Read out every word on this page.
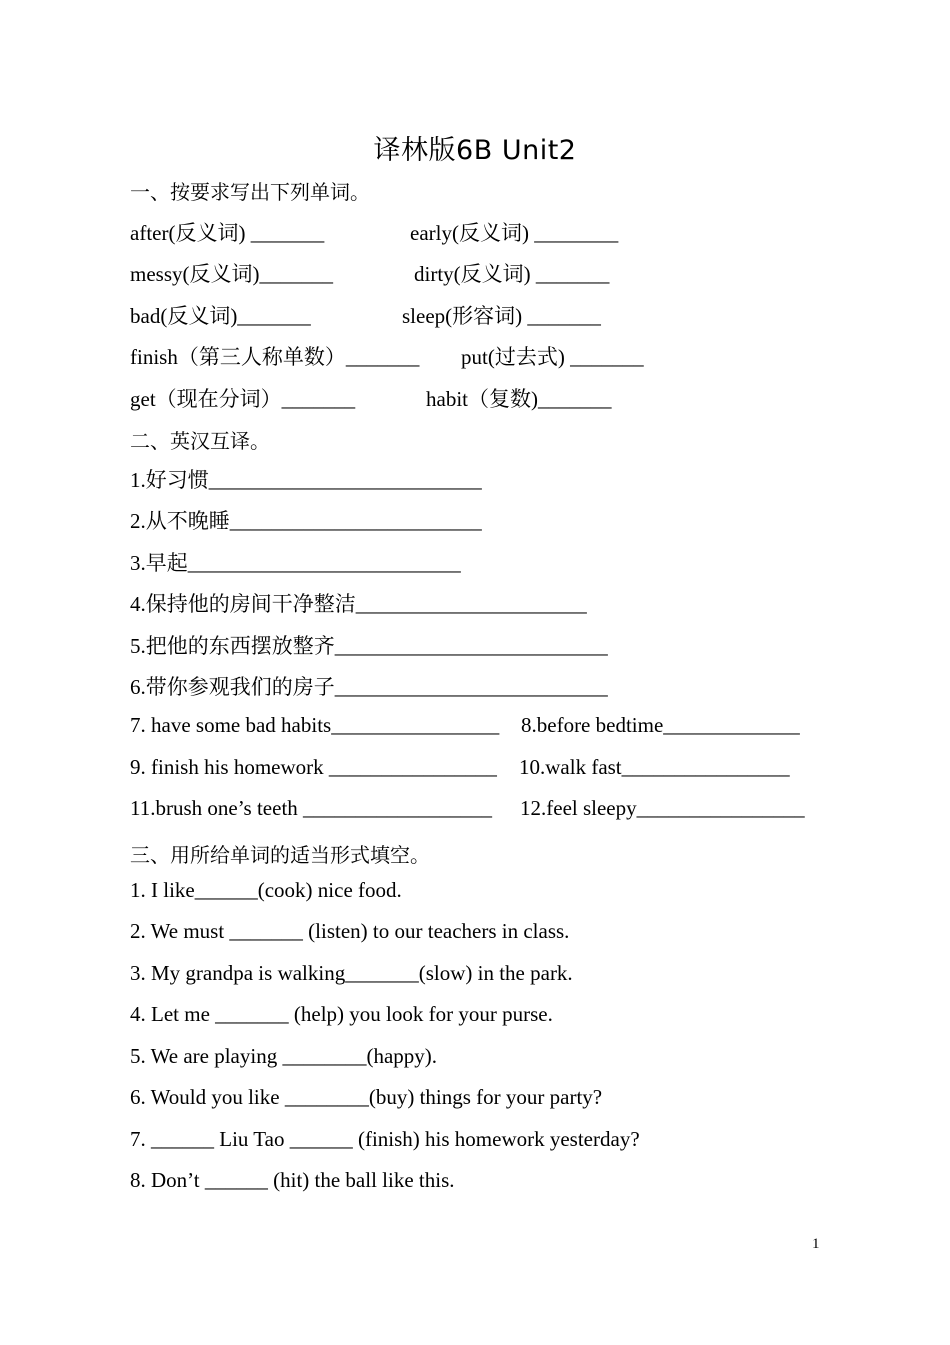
译林版6B Unit2
一、按要求写出下列单词。
after(反义词) _______	early(反义词) ________
messy(反义词)_______	dirty(反义词) _______
bad(反义词)_______	sleep(形容词) _______
finish（第三人称单数）_______ put(过去式) _______
get（现在分词）_______	habit（复数)_______
二、英汉互译。
1.好习惯__________________________
2.从不晚睡________________________
3.早起__________________________
4.保持他的房间干净整洁______________________
5.把他的东西摆放整齐__________________________
6.带你参观我们的房子__________________________
7. have some bad habits________________ 8.before bedtime_____________
9. finish his homework ________________ 10.walk fast________________
11.brush one’s teeth __________________ 12.feel sleepy________________
三、用所给单词的适当形式填空。
1. I like______(cook) nice food.
2. We must _______ (listen) to our teachers in class.
3. My grandpa is walking_______(slow) in the park.
4. Let me _______ (help) you look for your purse.
5. We are playing ________(happy).
6. Would you like ________(buy) things for your party?
7. ______ Liu Tao ______ (finish) his homework yesterday?
8. Don’t ______ (hit) the ball like this.
1
